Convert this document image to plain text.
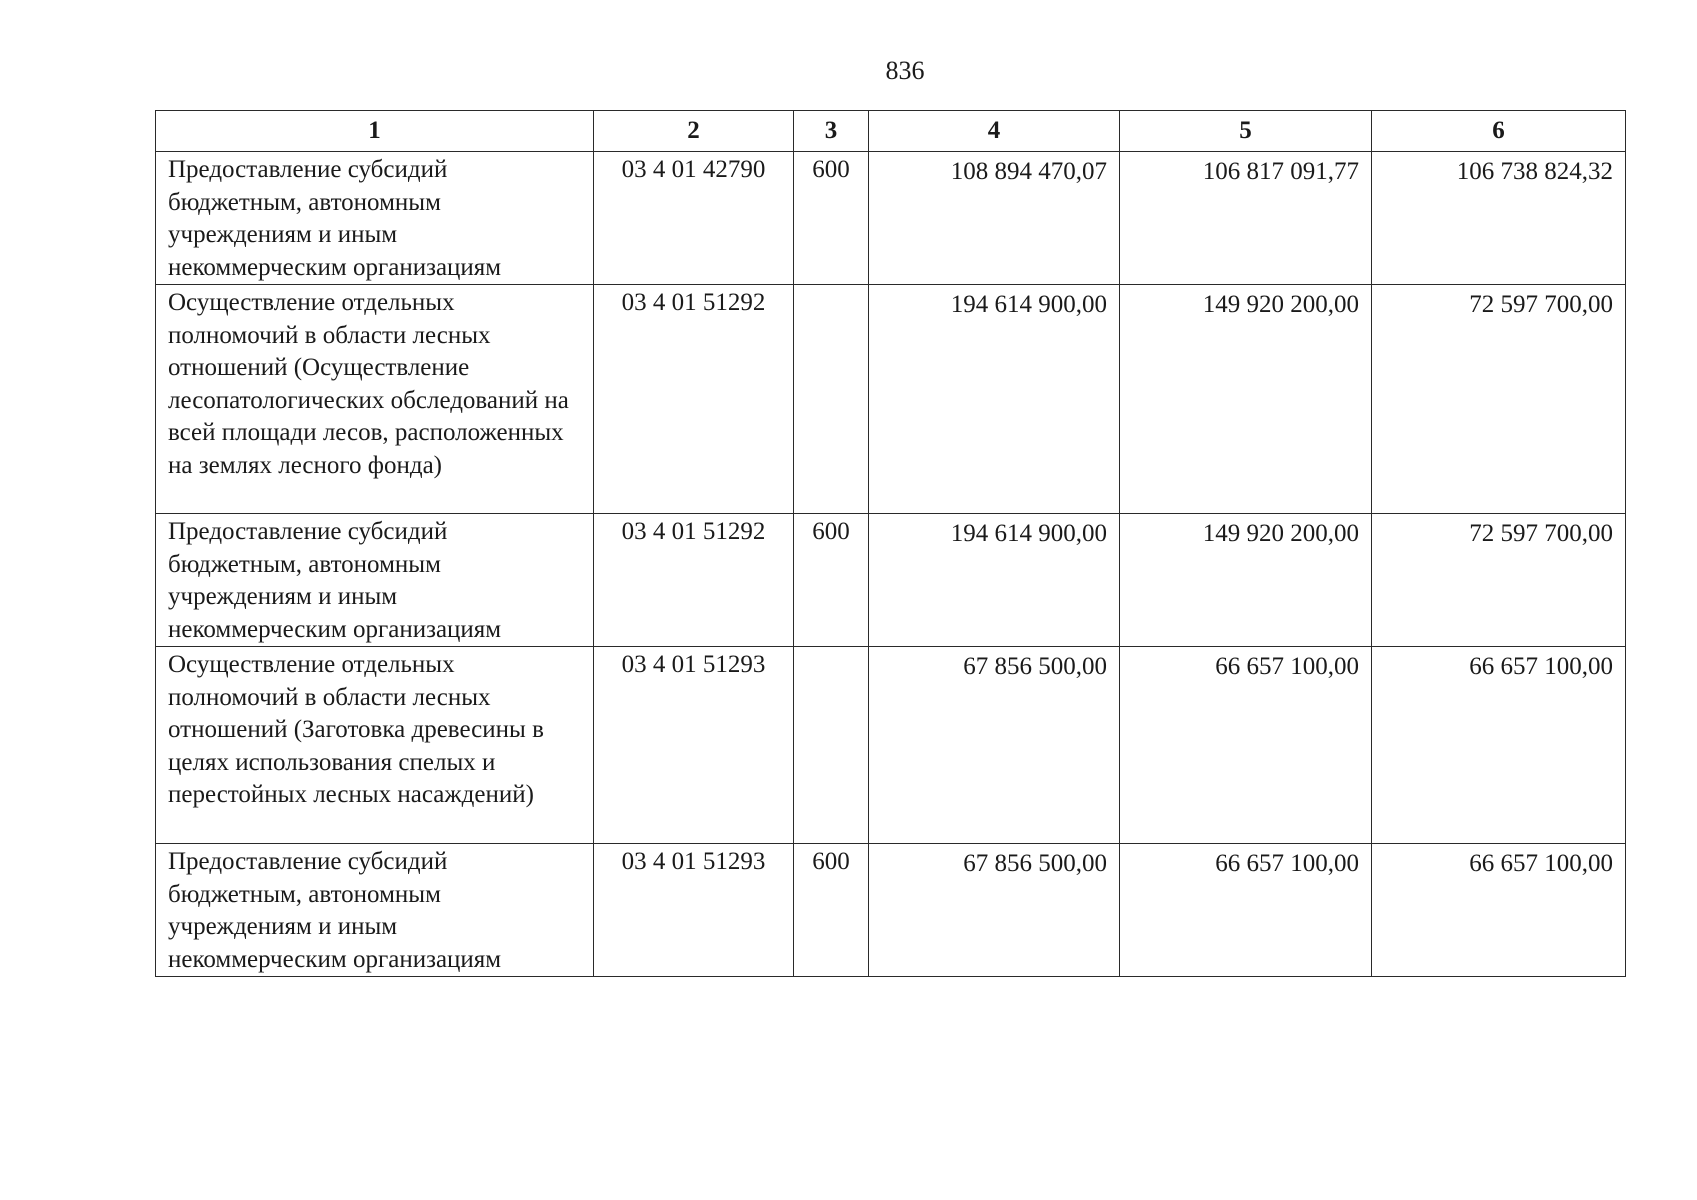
836
1	2	3	4	5	6
Предоставление субсидий бюджетным, автономным учреждениям и иным некоммерческим организациям	03 4 01 42790	600	108 894 470,07	106 817 091,77	106 738 824,32
Осуществление отдельных полномочий в области лесных отношений (Осуществление лесопатологических обследований на всей площади лесов, расположенных на землях лесного фонда)	03 4 01 51292		194 614 900,00	149 920 200,00	72 597 700,00
Предоставление субсидий бюджетным, автономным учреждениям и иным некоммерческим организациям	03 4 01 51292	600	194 614 900,00	149 920 200,00	72 597 700,00
Осуществление отдельных полномочий в области лесных отношений (Заготовка древесины в целях использования спелых и перестойных лесных насаждений)	03 4 01 51293		67 856 500,00	66 657 100,00	66 657 100,00
Предоставление субсидий бюджетным, автономным учреждениям и иным некоммерческим организациям	03 4 01 51293	600	67 856 500,00	66 657 100,00	66 657 100,00
